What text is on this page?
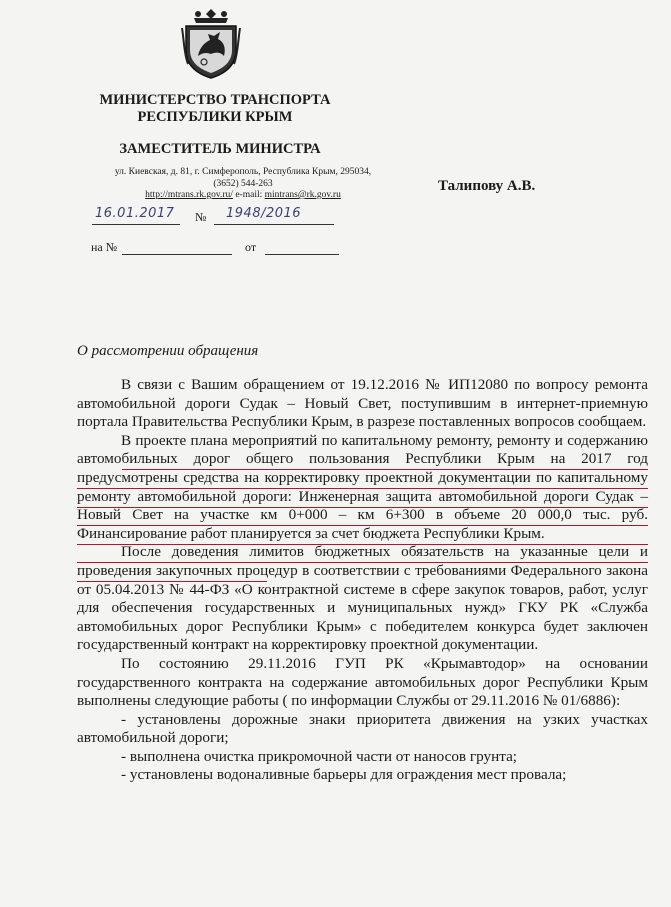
МИНИСТЕРСТВО ТРАНСПОРТА
РЕСПУБЛИКИ КРЫМ
ЗАМЕСТИТЕЛЬ МИНИСТРА
ул. Киевская, д. 81, г. Симферополь, Республика Крым, 295034,
(3652) 544-263
http://mtrans.rk.gov.ru/ e-mail: mintrans@rk.gov.ru
Талипову А.В.
16.01.2017 № 1948/2016
на №	от
О рассмотрении обращения

В связи с Вашим обращением от 19.12.2016 № ИП12080 по вопросу ремонта автомобильной дороги Судак – Новый Свет, поступившим в интернет-приемную портала Правительства Республики Крым, в разрезе поставленных вопросов сообщаем.

В проекте плана мероприятий по капитальному ремонту, ремонту и содержанию автомобильных дорог общего пользования Республики Крым на 2017 год предусмотрены средства на корректировку проектной документации по капитальному ремонту автомобильной дороги: Инженерная защита автомобильной дороги Судак – Новый Свет на участке км 0+000 – км 6+300 в объеме 20 000,0 тыс. руб. Финансирование работ планируется за счет бюджета Республики Крым.

После доведения лимитов бюджетных обязательств на указанные цели и проведения закупочных процедур в соответствии с требованиями Федерального закона от 05.04.2013 № 44-ФЗ «О контрактной системе в сфере закупок товаров, работ, услуг для обеспечения государственных и муниципальных нужд» ГКУ РК «Служба автомобильных дорог Республики Крым» с победителем конкурса будет заключен государственный контракт на корректировку проектной документации.

По состоянию 29.11.2016 ГУП РК «Крымавтодор» на основании государственного контракта на содержание автомобильных дорог Республики Крым выполнены следующие работы ( по информации Службы от 29.11.2016 № 01/6886):

- установлены дорожные знаки приоритета движения на узких участках автомобильной дороги;
- выполнена очистка прикромочной части от наносов грунта;
- установлены водоналивные барьеры для ограждения мест провала;
